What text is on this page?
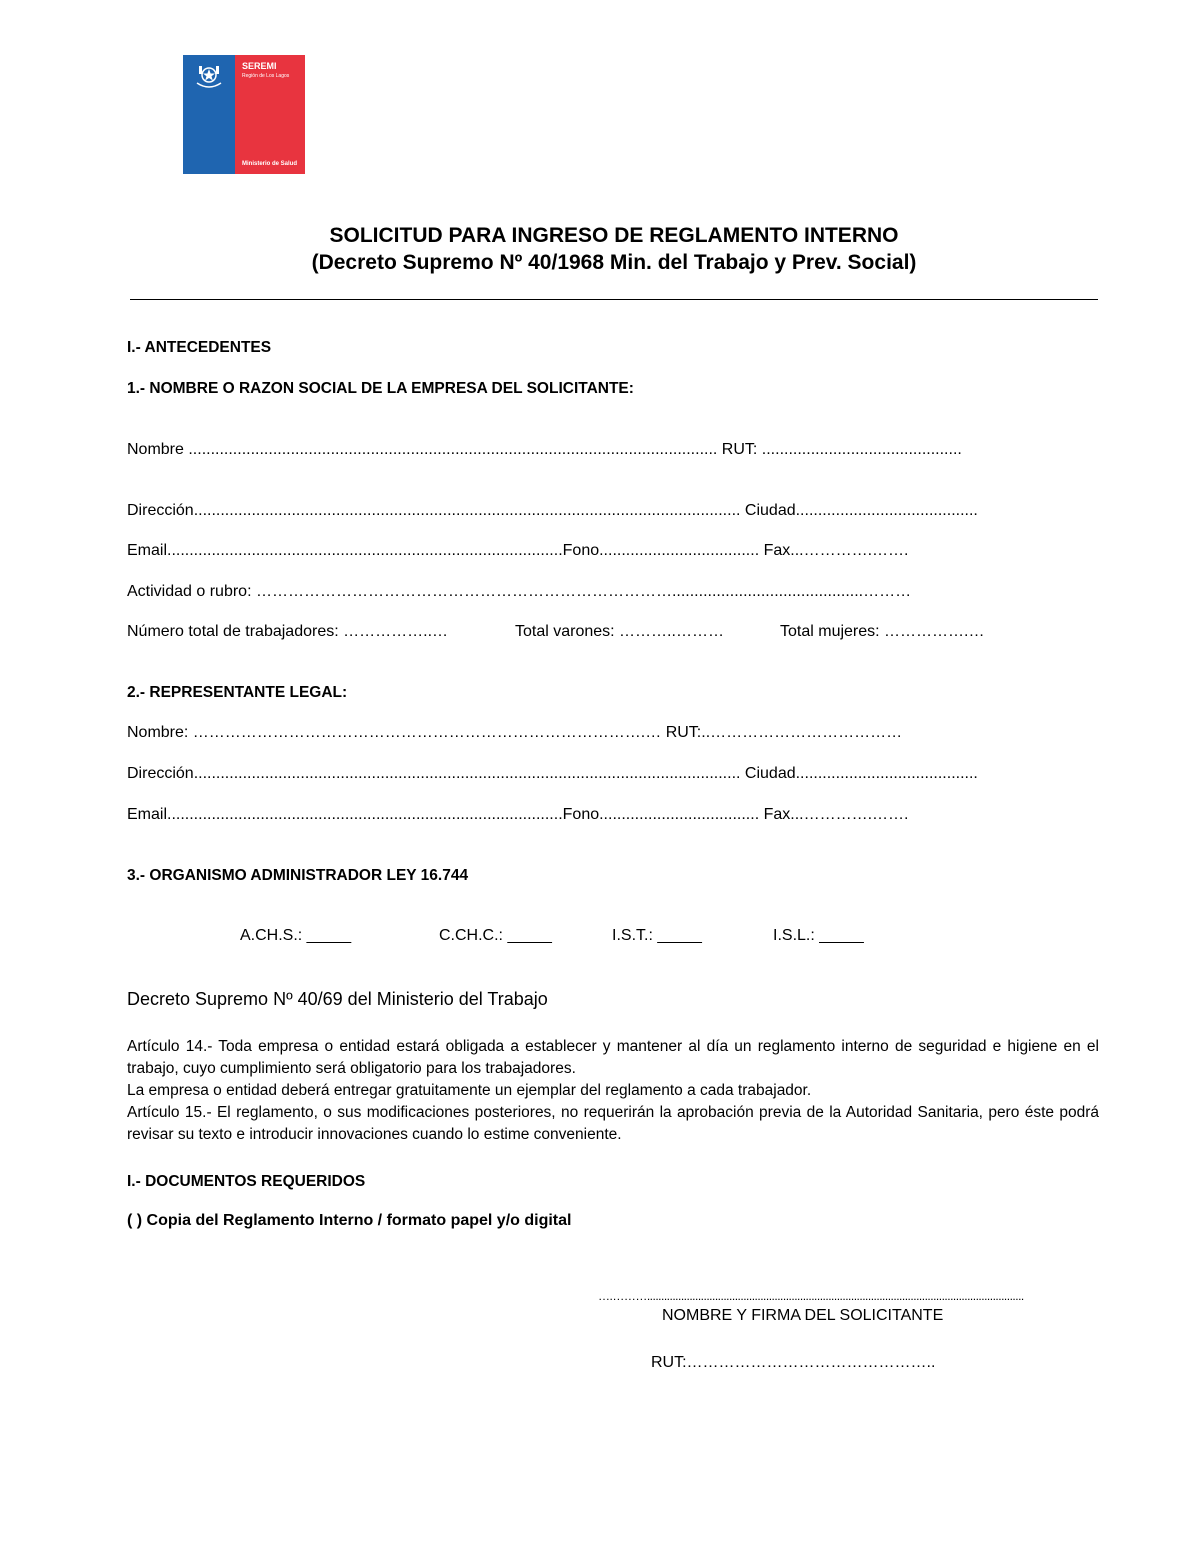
SEREMI
Región de Los Lagos
Ministerio de Salud
SOLICITUD PARA INGRESO DE REGLAMENTO INTERNO
(Decreto Supremo Nº 40/1968 Min. del Trabajo y Prev. Social)
I.- ANTECEDENTES
1.- NOMBRE O RAZON SOCIAL DE LA EMPRESA DEL SOLICITANTE:
Nombre ....................................................................................................................... RUT: .............................................
Dirección........................................................................................................................... Ciudad.........................................
Email.........................................................................................Fono.................................... Fax...………….…….
Actividad o rubro: ……………………………………………………………………...........................................………
Número total de trabajadores: ……………..…	Total varones: ………..………	Total mujeres: …………….…
2.- REPRESENTANTE LEGAL:
Nombre: ………………………………………………………………………….… RUT:..………………………………
Dirección........................................................................................................................... Ciudad.........................................
Email.........................................................................................Fono.................................... Fax...………….…….
3.- ORGANISMO ADMINISTRADOR LEY 16.744
A.CH.S.: _____	C.CH.C.: _____	I.S.T.: _____	I.S.L.: _____
Decreto Supremo Nº 40/69 del Ministerio del Trabajo
Artículo 14.- Toda empresa o entidad estará obligada a establecer y mantener al día un reglamento interno de seguridad e higiene en el trabajo, cuyo cumplimiento será obligatorio para los trabajadores.
La empresa o entidad deberá entregar gratuitamente un ejemplar del reglamento a cada trabajador.
Artículo 15.- El reglamento, o sus modificaciones posteriores, no requerirán la aprobación previa de la Autoridad Sanitaria, pero éste podrá revisar su texto e introducir innovaciones cuando lo estime conveniente.
I.- DOCUMENTOS REQUERIDOS
( ) Copia del Reglamento Interno / formato papel y/o digital
….……….....................................................................................................................................
NOMBRE Y FIRMA DEL SOLICITANTE
RUT:………………………………………..
